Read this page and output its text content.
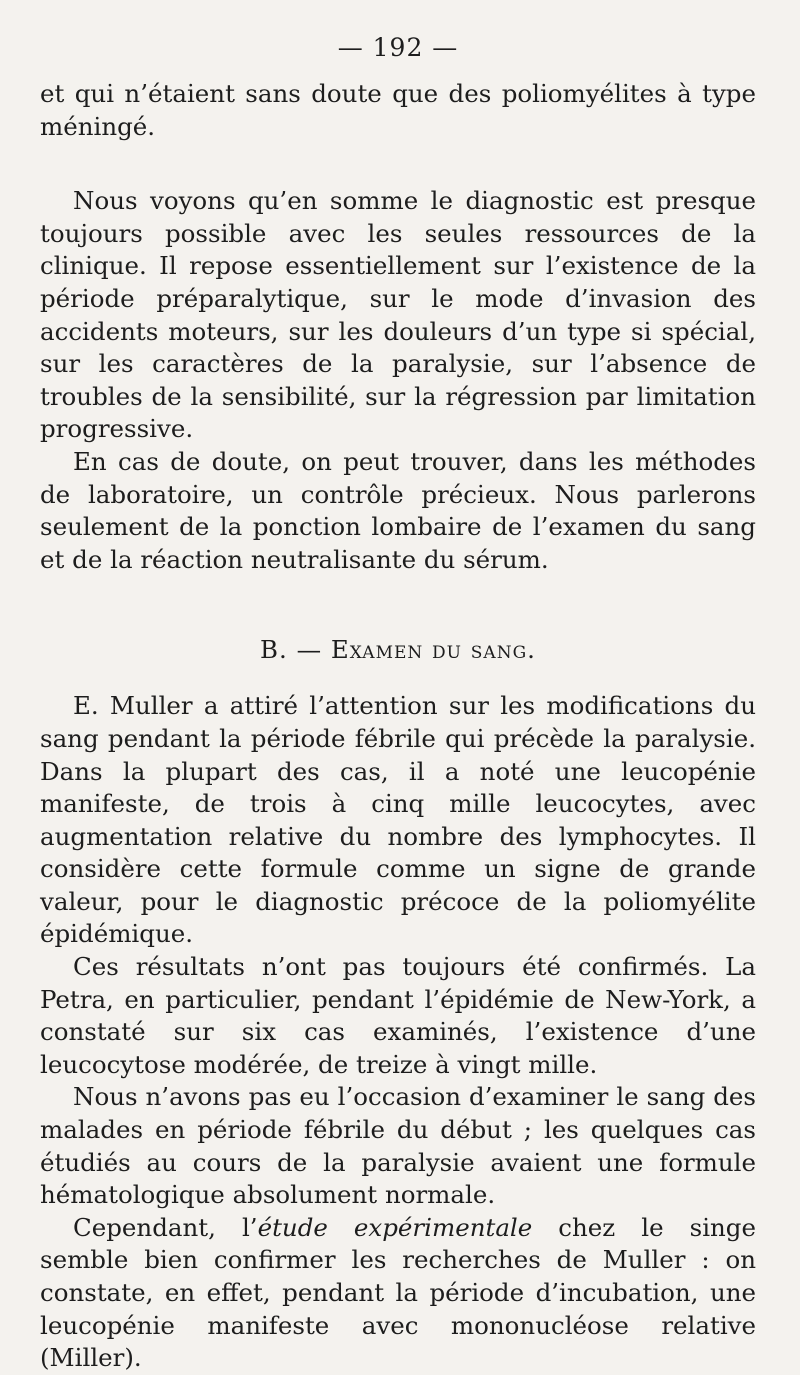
— 192 —

et qui n’étaient sans doute que des poliomyélites à type méningé.

Nous voyons qu’en somme le diagnostic est presque toujours possible avec les seules ressources de la clinique. Il repose essentiellement sur l’existence de la période préparalytique, sur le mode d’invasion des accidents moteurs, sur les douleurs d’un type si spécial, sur les caractères de la paralysie, sur l’absence de troubles de la sensibilité, sur la régression par limitation progressive.

En cas de doute, on peut trouver, dans les méthodes de laboratoire, un contrôle précieux. Nous parlerons seulement de la ponction lombaire de l’examen du sang et de la réaction neutralisante du sérum.

B. — Examen du sang.

E. Muller a attiré l’attention sur les modifications du sang pendant la période fébrile qui précède la paralysie. Dans la plupart des cas, il a noté une leucopénie manifeste, de trois à cinq mille leucocytes, avec augmentation relative du nombre des lymphocytes. Il considère cette formule comme un signe de grande valeur, pour le diagnostic précoce de la poliomyélite épidémique.

Ces résultats n’ont pas toujours été confirmés. La Petra, en particulier, pendant l’épidémie de New-York, a constaté sur six cas examinés, l’existence d’une leucocytose modérée, de treize à vingt mille.

Nous n’avons pas eu l’occasion d’examiner le sang des malades en période fébrile du début ; les quelques cas étudiés au cours de la paralysie avaient une formule hématologique absolument normale.

Cependant, l’étude expérimentale chez le singe semble bien confirmer les recherches de Muller : on constate, en effet, pendant la période d’incubation, une leucopénie manifeste avec mononucléose relative (Miller).
